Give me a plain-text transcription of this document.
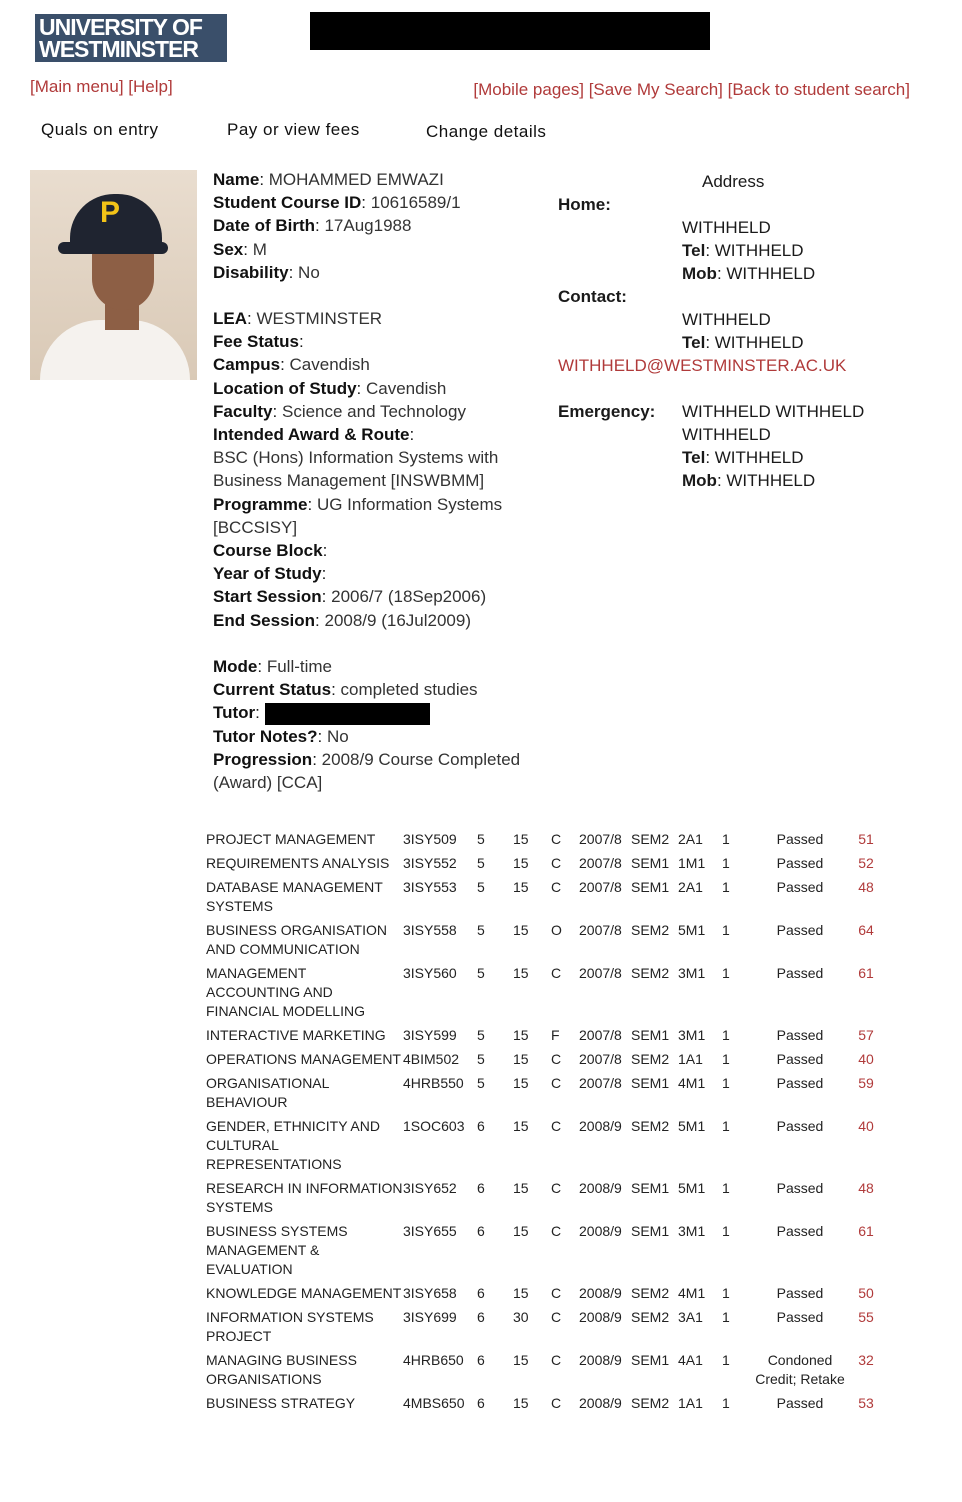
UNIVERSITY OF
WESTMINSTER
[Main menu] [Help]	[Mobile pages] [Save My Search] [Back to student search]
Quals on entry	Pay or view fees	Change details
P
Name: MOHAMMED EMWAZI
Student Course ID: 10616589/1
Date of Birth: 17Aug1988
Sex: M
Disability: No
LEA: WESTMINSTER
Fee Status:
Campus: Cavendish
Location of Study: Cavendish
Faculty: Science and Technology
Intended Award & Route:
BSC (Hons) Information Systems with Business Management [INSWBMM]
Programme: UG Information Systems [BCCSISY]
Course Block:
Year of Study:
Start Session: 2006/7 (18Sep2006)
End Session: 2008/9 (16Jul2009)
Mode: Full-time
Current Status: completed studies
Tutor:
Tutor Notes?: No
Progression: 2008/9 Course Completed (Award) [CCA]
Address
Home:
WITHHELD
Tel: WITHHELD
Mob: WITHHELD
Contact:
WITHHELD
Tel: WITHHELD
WITHHELD@WESTMINSTER.AC.UK
Emergency:	WITHHELD WITHHELD
WITHHELD
Tel: WITHHELD
Mob: WITHHELD
PROJECT MANAGEMENT	3ISY509	5	15	C	2007/8	SEM2	2A1	1	Passed	51
REQUIREMENTS ANALYSIS	3ISY552	5	15	C	2007/8	SEM1	1M1	1	Passed	52
DATABASE MANAGEMENT SYSTEMS	3ISY553	5	15	C	2007/8	SEM1	2A1	1	Passed	48
BUSINESS ORGANISATION AND COMMUNICATION	3ISY558	5	15	O	2007/8	SEM2	5M1	1	Passed	64
MANAGEMENT ACCOUNTING AND FINANCIAL MODELLING	3ISY560	5	15	C	2007/8	SEM2	3M1	1	Passed	61
INTERACTIVE MARKETING	3ISY599	5	15	F	2007/8	SEM1	3M1	1	Passed	57
OPERATIONS MANAGEMENT	4BIM502	5	15	C	2007/8	SEM2	1A1	1	Passed	40
ORGANISATIONAL BEHAVIOUR	4HRB550	5	15	C	2007/8	SEM1	4M1	1	Passed	59
GENDER, ETHNICITY AND CULTURAL REPRESENTATIONS	1SOC603	6	15	C	2008/9	SEM2	5M1	1	Passed	40
RESEARCH IN INFORMATION SYSTEMS	3ISY652	6	15	C	2008/9	SEM1	5M1	1	Passed	48
BUSINESS SYSTEMS MANAGEMENT & EVALUATION	3ISY655	6	15	C	2008/9	SEM1	3M1	1	Passed	61
KNOWLEDGE MANAGEMENT	3ISY658	6	15	C	2008/9	SEM2	4M1	1	Passed	50
INFORMATION SYSTEMS PROJECT	3ISY699	6	30	C	2008/9	SEM2	3A1	1	Passed	55
MANAGING BUSINESS ORGANISATIONS	4HRB650	6	15	C	2008/9	SEM1	4A1	1	Condoned Credit; Retake	32
BUSINESS STRATEGY	4MBS650	6	15	C	2008/9	SEM2	1A1	1	Passed	53
